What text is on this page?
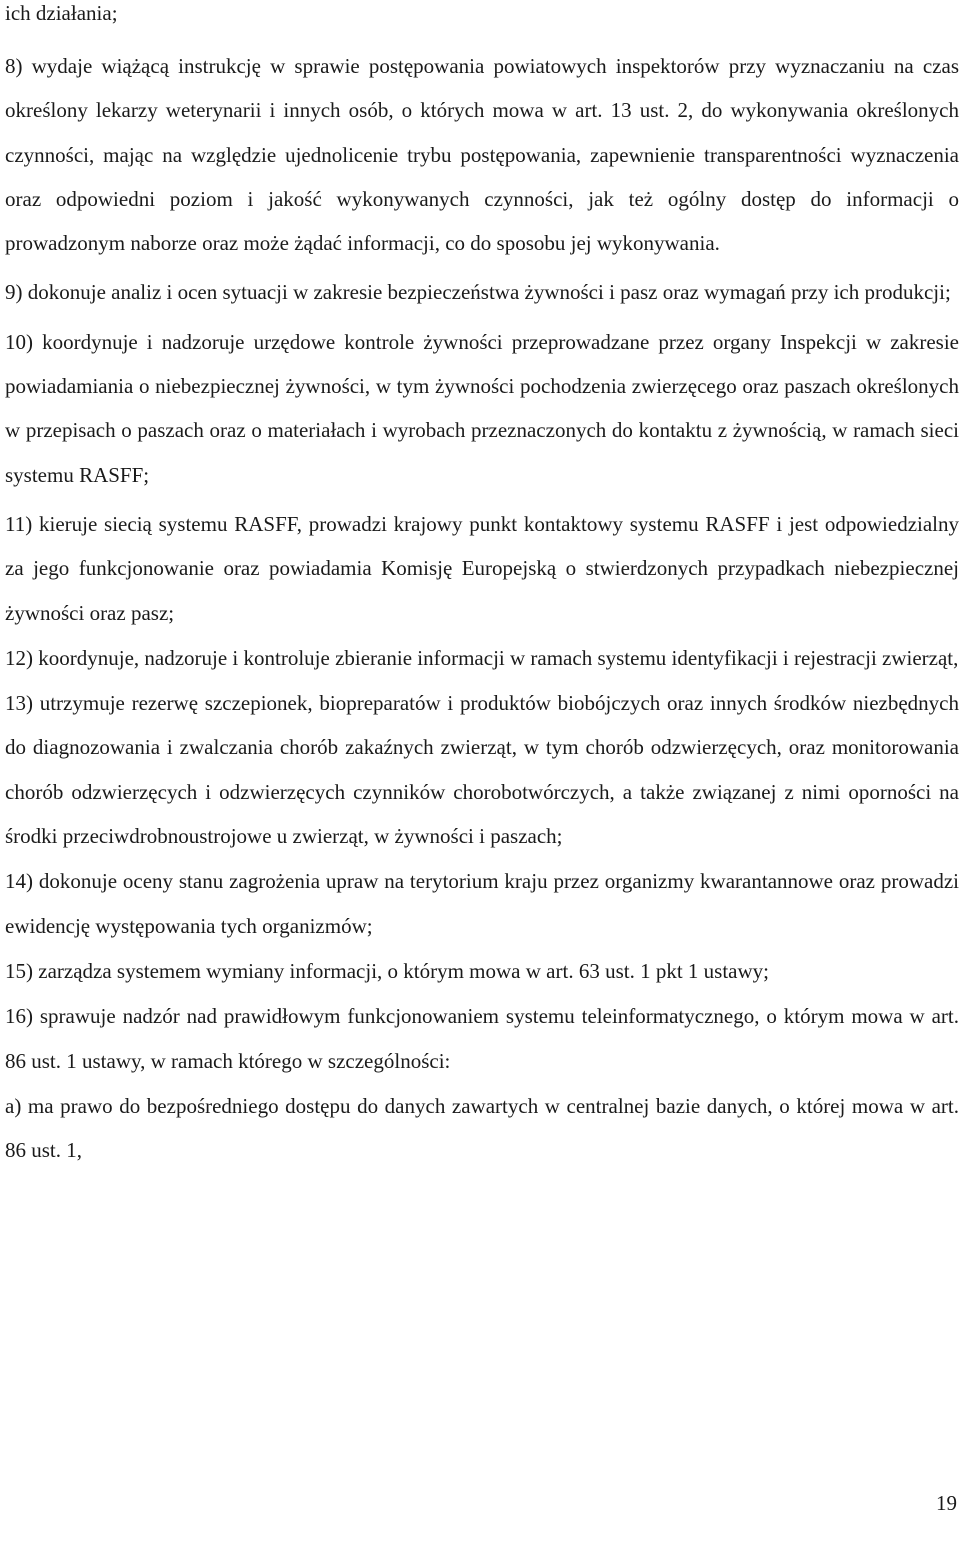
ich działania;

8) wydaje wiążącą instrukcję w sprawie postępowania powiatowych inspektorów przy wyznaczaniu na czas określony lekarzy weterynarii i innych osób, o których mowa w art. 13 ust. 2, do wykonywania określonych czynności, mając na względzie ujednolicenie trybu postępowania, zapewnienie transparentności wyznaczenia oraz odpowiedni poziom i jakość wykonywanych czynności, jak też ogólny dostęp do informacji o prowadzonym naborze oraz może żądać informacji, co do sposobu jej wykonywania.

9) dokonuje analiz i ocen sytuacji w zakresie bezpieczeństwa żywności i pasz oraz wymagań przy ich produkcji;

10) koordynuje i nadzoruje urzędowe kontrole żywności przeprowadzane przez organy Inspekcji w zakresie powiadamiania o niebezpiecznej żywności, w tym żywności pochodzenia zwierzęcego oraz paszach określonych w przepisach o paszach oraz o materiałach i wyrobach przeznaczonych do kontaktu z żywnością, w ramach sieci systemu RASFF;

11) kieruje siecią systemu RASFF, prowadzi krajowy punkt kontaktowy systemu RASFF i jest odpowiedzialny za jego funkcjonowanie oraz powiadamia Komisję Europejską o stwierdzonych przypadkach niebezpiecznej żywności oraz pasz;

12) koordynuje, nadzoruje i kontroluje zbieranie informacji w ramach systemu identyfikacji i rejestracji zwierząt,

13) utrzymuje rezerwę szczepionek, biopreparatów i produktów biobójczych oraz innych środków niezbędnych do diagnozowania i zwalczania chorób zakaźnych zwierząt, w tym chorób odzwierzęcych, oraz monitorowania chorób odzwierzęcych i odzwierzęcych czynników chorobotwórczych, a także związanej z nimi oporności na środki przeciwdrobnoustrojowe u zwierząt, w żywności i paszach;

14) dokonuje oceny stanu zagrożenia upraw na terytorium kraju przez organizmy kwarantannowe oraz prowadzi ewidencję występowania tych organizmów;

15) zarządza systemem wymiany informacji, o którym mowa w art. 63 ust. 1 pkt 1 ustawy;

16) sprawuje nadzór nad prawidłowym funkcjonowaniem systemu teleinformatycznego, o którym mowa w art. 86 ust. 1 ustawy, w ramach którego w szczególności:

a) ma prawo do bezpośredniego dostępu do danych zawartych w centralnej bazie danych, o której mowa w art. 86 ust. 1,

19
